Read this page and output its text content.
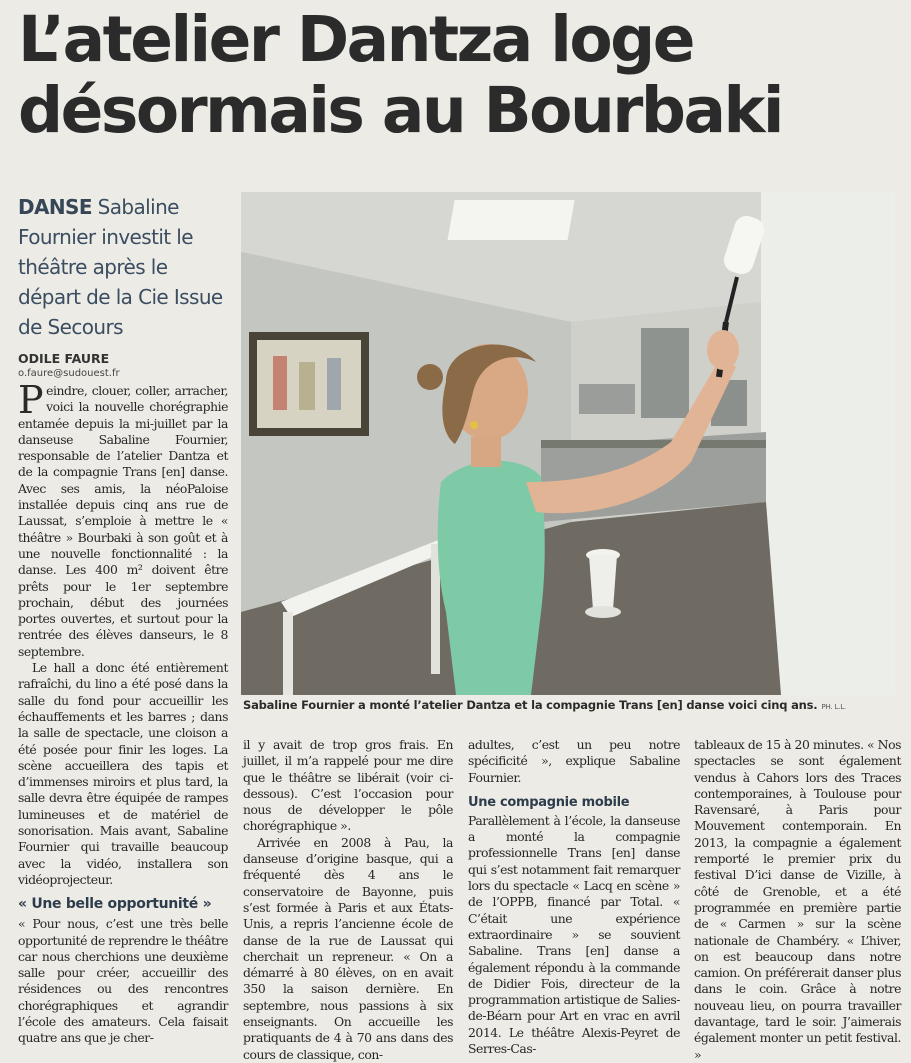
L’atelier Dantza loge
désormais au Bourbaki
DANSE Sabaline Fournier investit le théâtre après le départ de la Cie Issue de Secours
ODILE FAURE
o.faure@sudouest.fr
Sabaline Fournier a monté l’atelier Dantza et la compagnie Trans [en] danse voici cinq ans. PH. L.L.

Peindre, clouer, coller, arracher, voici la nouvelle chorégraphie entamée depuis la mi-juillet par la danseuse Sabaline Fournier, responsable de l’atelier Dantza et de la compagnie Trans [en] danse. Avec ses amis, la néoPaloise installée depuis cinq ans rue de Laussat, s’emploie à mettre le « théâtre » Bourbaki à son goût et à une nouvelle fonctionnalité : la danse. Les 400 m² doivent être prêts pour le 1er septembre prochain, début des journées portes ouvertes, et surtout pour la rentrée des élèves danseurs, le 8 septembre.

Le hall a donc été entièrement rafraîchi, du lino a été posé dans la salle du fond pour accueillir les échauffements et les barres ; dans la salle de spectacle, une cloison a été posée pour finir les loges. La scène accueillera des tapis et d’immenses miroirs et plus tard, la salle devra être équipée de rampes lumineuses et de matériel de sonorisation. Mais avant, Sabaline Fournier qui travaille beaucoup avec la vidéo, installera son vidéoprojecteur.

« Une belle opportunité »

« Pour nous, c’est une très belle opportunité de reprendre le théâtre car nous cherchions une deuxième salle pour créer, accueillir des résidences ou des rencontres chorégraphiques et agrandir l’école des amateurs. Cela faisait quatre ans que je cher-

il y avait de trop gros frais. En juillet, il m’a rappelé pour me dire que le théâtre se libérait (voir ci-dessous). C’est l’occasion pour nous de développer le pôle chorégraphique ».

Arrivée en 2008 à Pau, la danseuse d’origine basque, qui a fréquenté dès 4 ans le conservatoire de Bayonne, puis s’est formée à Paris et aux États-Unis, a repris l’ancienne école de danse de la rue de Laussat qui cherchait un repreneur. « On a démarré à 80 élèves, on en avait 350 la saison dernière. En septembre, nous passions à six enseignants. On accueille les pratiquants de 4 à 70 ans dans des cours de classique, con-

adultes, c’est un peu notre spécificité », explique Sabaline Fournier.

Une compagnie mobile

Parallèlement à l’école, la danseuse a monté la compagnie professionnelle Trans [en] danse qui s’est notamment fait remarquer lors du spectacle « Lacq en scène » de l’OPPB, financé par Total. « C’était une expérience extraordinaire » se souvient Sabaline. Trans [en] danse a également répondu à la commande de Didier Fois, directeur de la programmation artistique de Salies-de-Béarn pour Art en vrac en avril 2014. Le théâtre Alexis-Peyret de Serres-Cas-

tableaux de 15 à 20 minutes. « Nos spectacles se sont également vendus à Cahors lors des Traces contemporaines, à Toulouse pour Ravensaré, à Paris pour Mouvement contemporain. En 2013, la compagnie a également remporté le premier prix du festival D’ici danse de Vizille, à côté de Grenoble, et a été programmée en première partie de « Carmen » sur la scène nationale de Chambéry. « L’hiver, on est beaucoup dans notre camion. On préférerait danser plus dans le coin. Grâce à notre nouveau lieu, on pourra travailler davantage, tard le soir. J’aimerais également monter un petit festival. »
